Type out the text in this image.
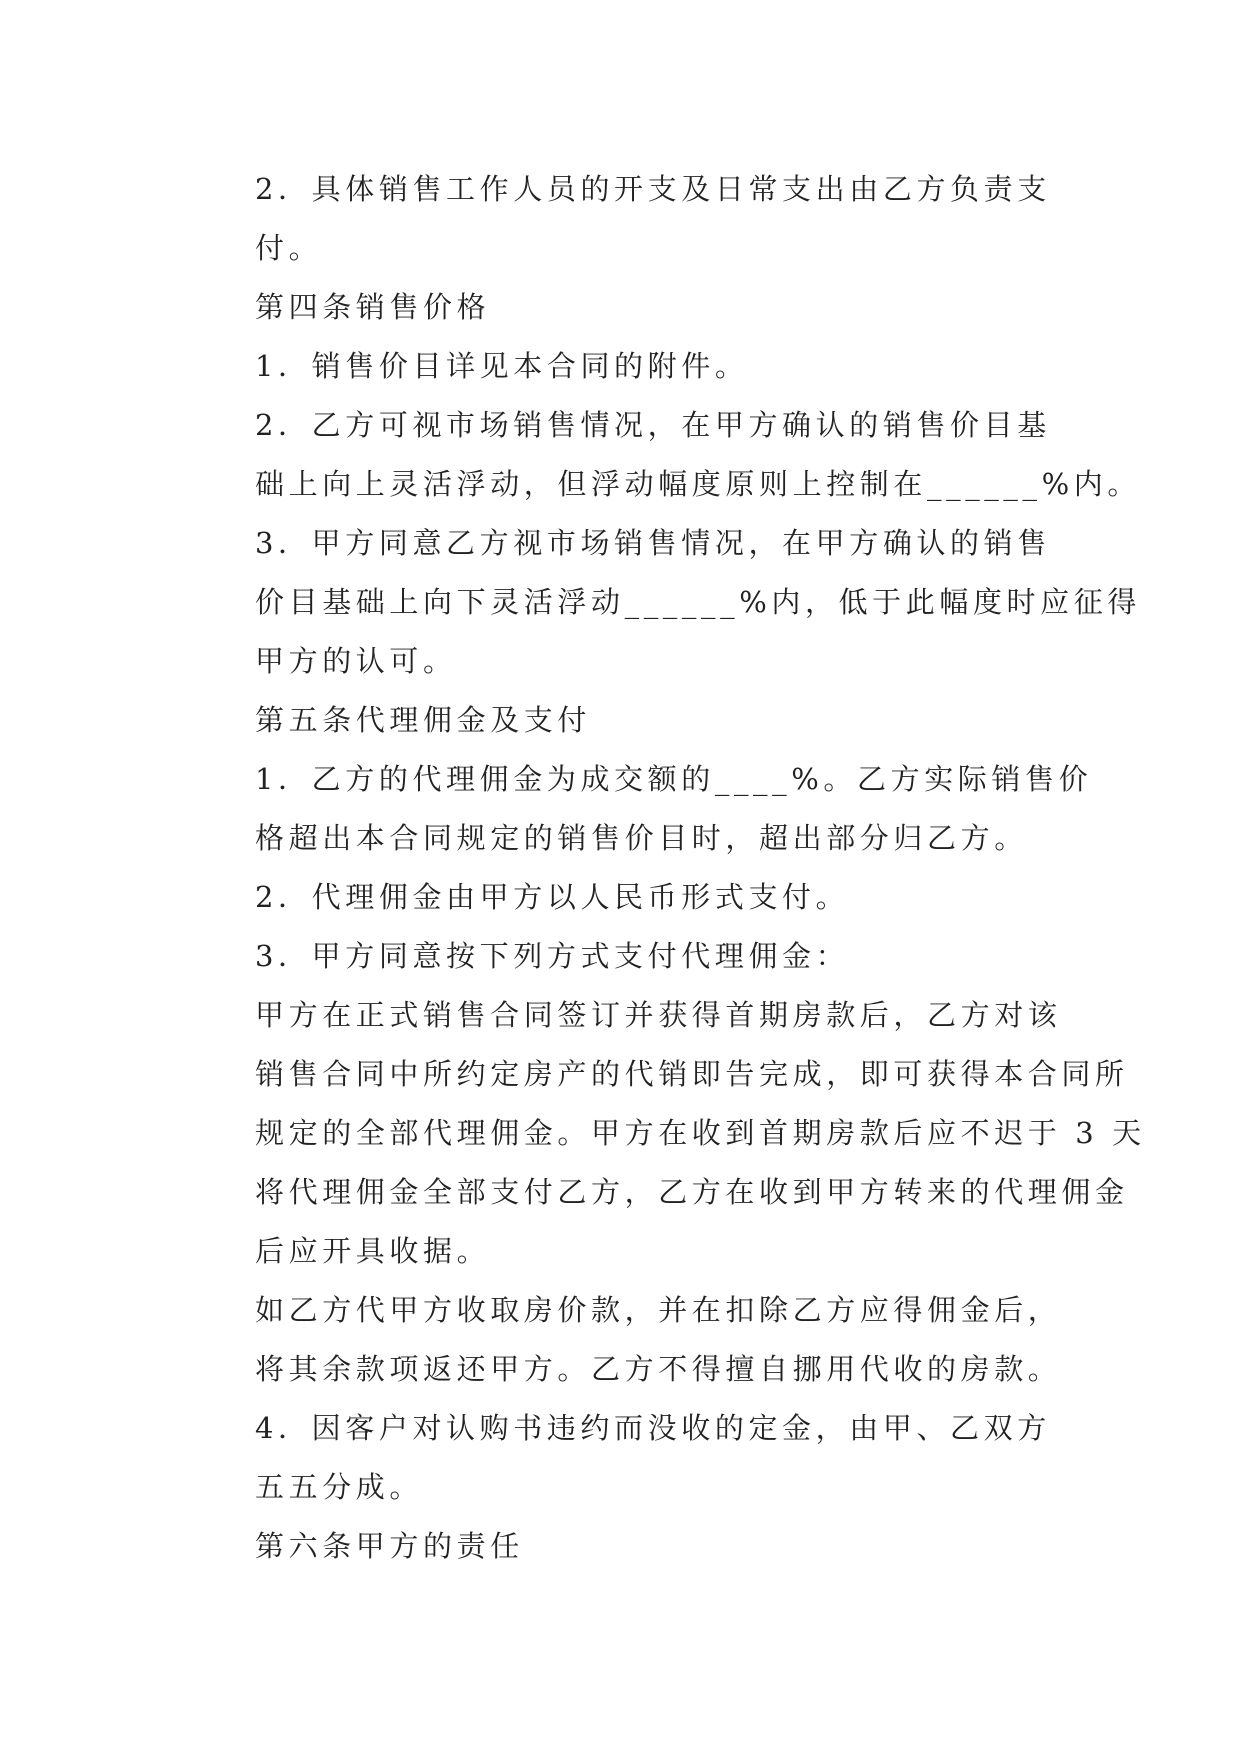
2．具体销售工作人员的开支及日常支出由乙方负责支
付。

第四条销售价格

1．销售价目详见本合同的附件。

2．乙方可视市场销售情况，在甲方确认的销售价目基
础上向上灵活浮动，但浮动幅度原则上控制在______%内。

3．甲方同意乙方视市场销售情况，在甲方确认的销售
价目基础上向下灵活浮动______%内，低于此幅度时应征得
甲方的认可。

第五条代理佣金及支付

1．乙方的代理佣金为成交额的____%。乙方实际销售价
格超出本合同规定的销售价目时，超出部分归乙方。

2．代理佣金由甲方以人民币形式支付。

3．甲方同意按下列方式支付代理佣金：

甲方在正式销售合同签订并获得首期房款后，乙方对该
销售合同中所约定房产的代销即告完成，即可获得本合同所
规定的全部代理佣金。甲方在收到首期房款后应不迟于 3 天
将代理佣金全部支付乙方，乙方在收到甲方转来的代理佣金
后应开具收据。

如乙方代甲方收取房价款，并在扣除乙方应得佣金后，
将其余款项返还甲方。乙方不得擅自挪用代收的房款。

4．因客户对认购书违约而没收的定金，由甲、乙双方
五五分成。

第六条甲方的责任
